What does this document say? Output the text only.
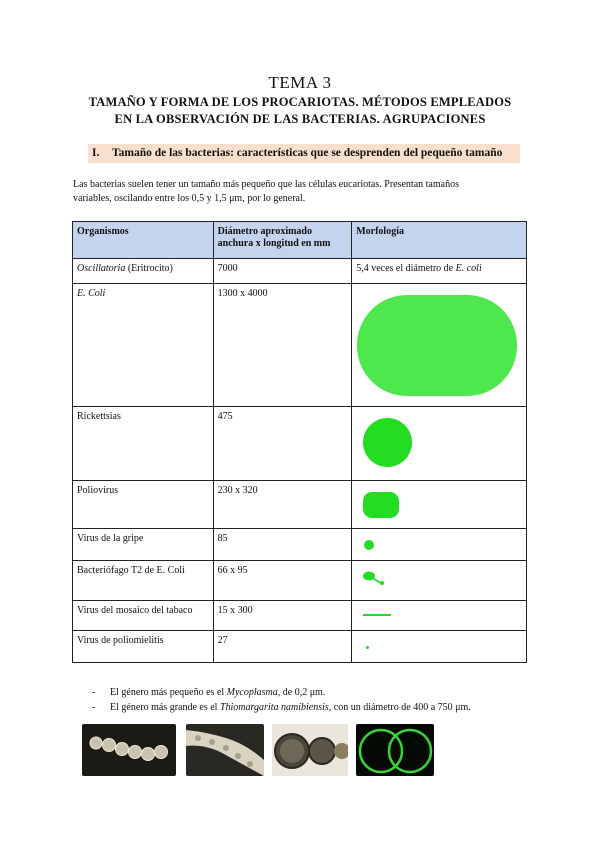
TEMA 3
TAMAÑO Y FORMA DE LOS PROCARIOTAS. MÉTODOS EMPLEADOS
EN LA OBSERVACIÓN DE LAS BACTERIAS. AGRUPACIONES
I. Tamaño de las bacterias: características que se desprenden del pequeño tamaño
Las bacterias suelen tener un tamaño más pequeño que las células eucariotas. Presentan tamaños
variables, oscilando entre los 0,5 y 1,5 μm, por lo general.
Organismos	Diámetro aproximado anchura x longitud en mm	Morfología
Oscillatoria (Eritrocito)	7000	5,4 veces el diámetro de E. coli
E. Coli	1300 x 4000	

Rickettsias	475	

Poliovirus	230 x 320	

Virus de la gripe	85	

Bacteriófago T2 de E. Coli	66 x 95	

Virus del mosaico del tabaco	15 x 300	

Virus de poliomielitis	27	
- El género más pequeño es el Mycoplasma, de 0,2 μm.
- El género más grande es el Thiomargarita namibiensis, con un diámetro de 400 a 750 μm.
